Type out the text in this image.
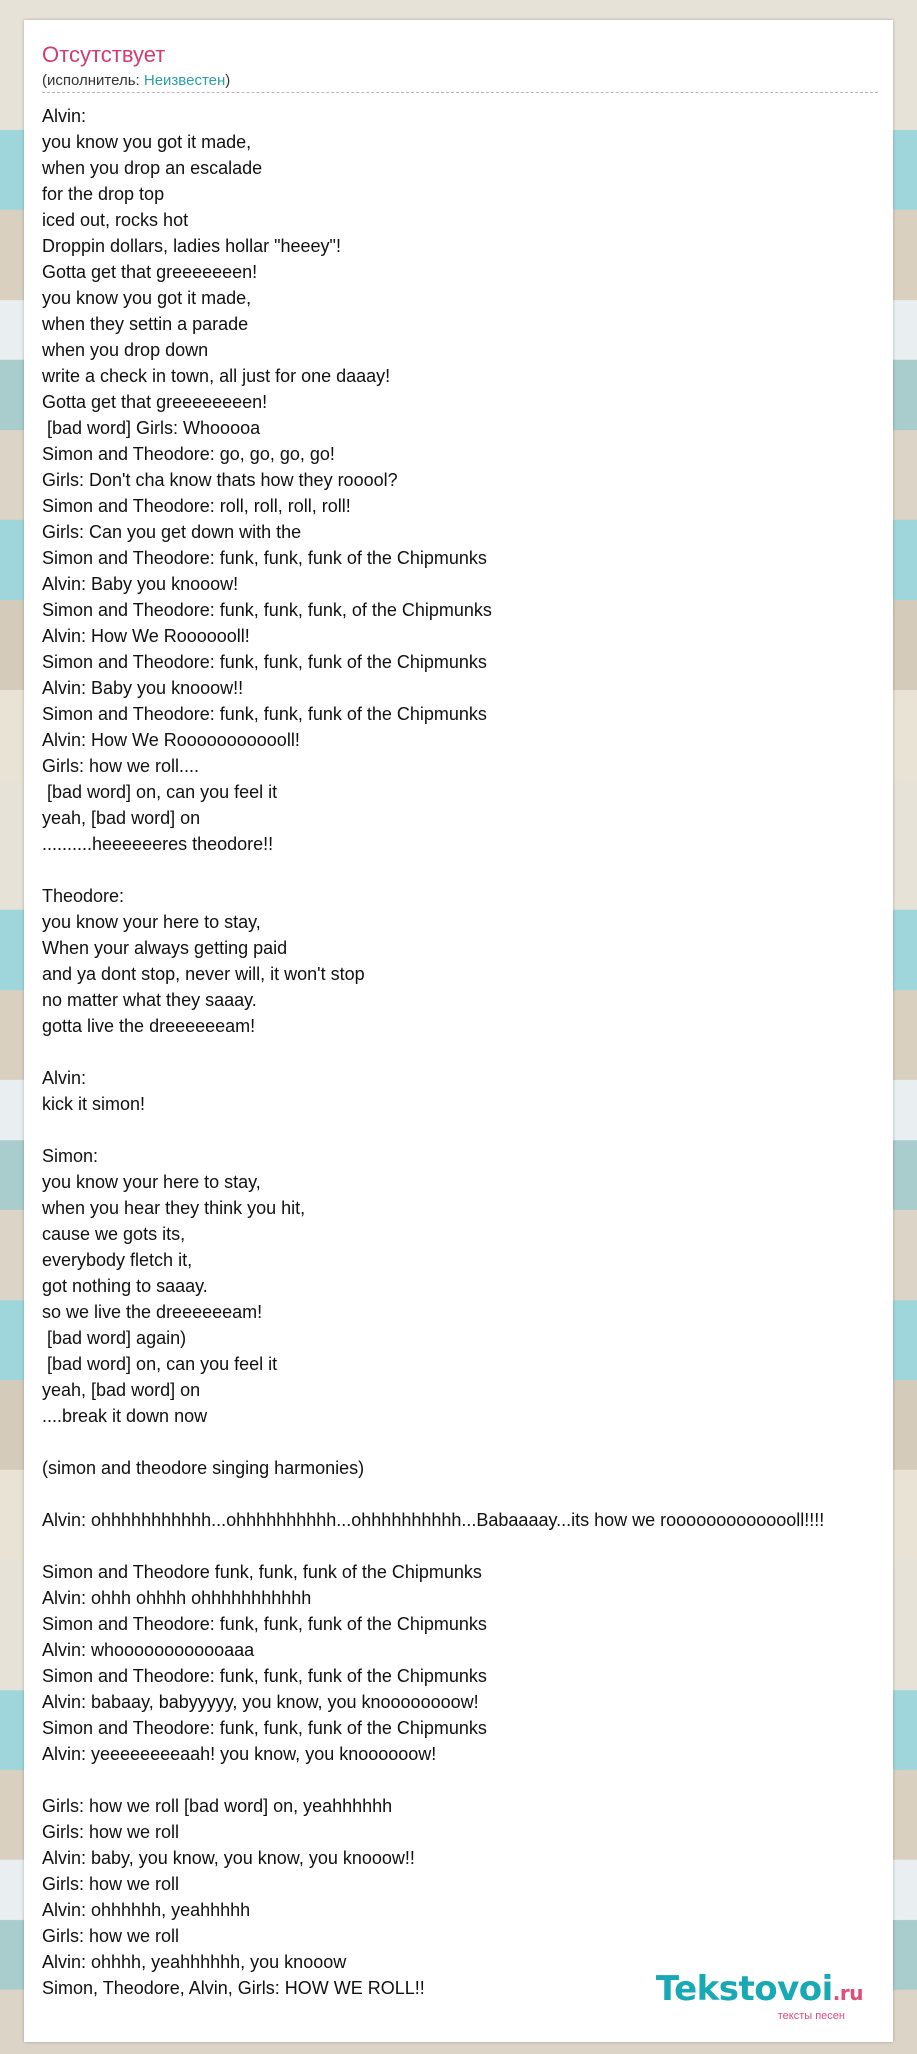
Отсутствует
(исполнитель: Неизвестен)
Alvin:
you know you got it made,
when you drop an escalade
for the drop top
iced out, rocks hot
Droppin dollars, ladies hollar "heeey"!
Gotta get that greeeeeeen!
you know you got it made,
when they settin a parade
when you drop down
write a check in town, all just for one daaay!
Gotta get that greeeeeeeen!
[bad word] Girls: Whooooa
Simon and Theodore: go, go, go, go!
Girls: Don't cha know thats how they rooool?
Simon and Theodore: roll, roll, roll, roll!
Girls: Can you get down with the
Simon and Theodore: funk, funk, funk of the Chipmunks
Alvin: Baby you knooow!
Simon and Theodore: funk, funk, funk, of the Chipmunks
Alvin: How We Rooooooll!
Simon and Theodore: funk, funk, funk of the Chipmunks
Alvin: Baby you knooow!!
Simon and Theodore: funk, funk, funk of the Chipmunks
Alvin: How We Roooooooooooll!
Girls: how we roll....
[bad word] on, can you feel it
yeah, [bad word] on
..........heeeeeeres theodore!!
Theodore:
you know your here to stay,
When your always getting paid
and ya dont stop, never will, it won't stop
no matter what they saaay.
gotta live the dreeeeeeam!
Alvin:
kick it simon!
Simon:
you know your here to stay,
when you hear they think you hit,
cause we gots its,
everybody fletch it,
got nothing to saaay.
so we live the dreeeeeeam!
[bad word] again)
[bad word] on, can you feel it
yeah, [bad word] on
....break it down now
(simon and theodore singing harmonies)
Alvin: ohhhhhhhhhhh...ohhhhhhhhhh...ohhhhhhhhhh...Babaaaay...its how we roooooooooooooll!!!!
Simon and Theodore funk, funk, funk of the Chipmunks
Alvin: ohhh ohhhh ohhhhhhhhhhh
Simon and Theodore: funk, funk, funk of the Chipmunks
Alvin: whoooooooooooaaa
Simon and Theodore: funk, funk, funk of the Chipmunks
Alvin: babaay, babyyyyy, you know, you knoooooooow!
Simon and Theodore: funk, funk, funk of the Chipmunks
Alvin: yeeeeeeeeaah! you know, you knoooooow!
Girls: how we roll [bad word] on, yeahhhhhh
Girls: how we roll
Alvin: baby, you know, you know, you knooow!!
Girls: how we roll
Alvin: ohhhhhh, yeahhhhh
Girls: how we roll
Alvin: ohhhh, yeahhhhhh, you knooow
Simon, Theodore, Alvin, Girls: HOW WE ROLL!!	Tekstovoi.ru
тексты песен
